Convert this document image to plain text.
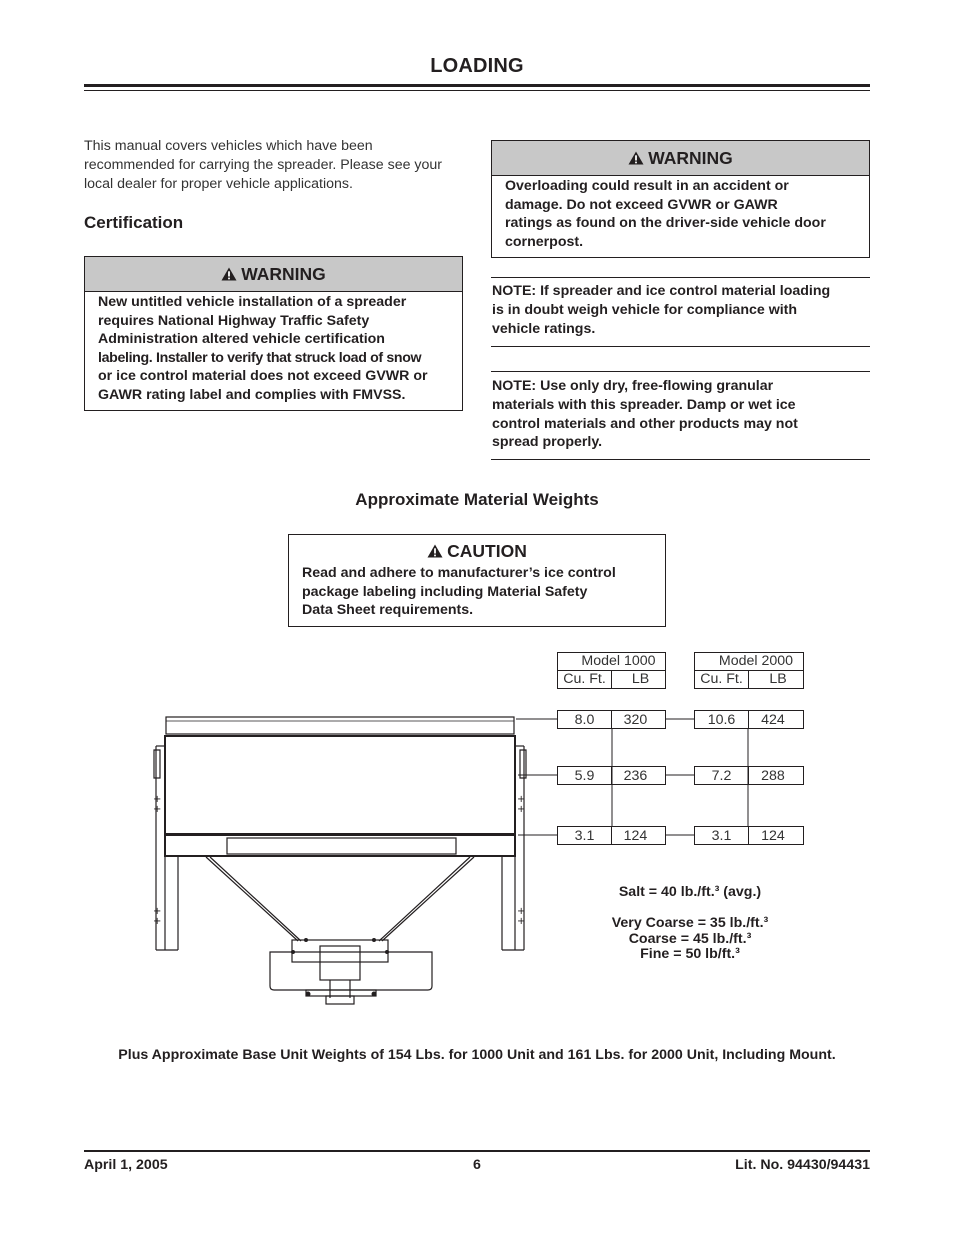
LOADING
This manual covers vehicles which have been recommended for carrying the spreader. Please see your local dealer for proper vehicle applications.
Certification
WARNING
New untitled vehicle installation of a spreader
requires National Highway Traffic Safety
Administration altered vehicle certification
labeling. Installer to verify that struck load of snow
or ice control material does not exceed GVWR or
GAWR rating label and complies with FMVSS.
WARNING
Overloading could result in an accident or
damage. Do not exceed GVWR or GAWR
ratings as found on the driver-side vehicle door
cornerpost.
NOTE: If spreader and ice control material loading
is in doubt weigh vehicle for compliance with
vehicle ratings.
NOTE: Use only dry, free-flowing granular
materials with this spreader. Damp or wet ice
control materials and other products may not
spread properly.
Approximate Material Weights
CAUTION
Read and adhere to manufacturer’s ice control
package labeling including Material Safety
Data Sheet requirements.
+
+
+
+
+
+
+
+
Model 1000
Cu. Ft.	LB
8.0	320
5.9	236
3.1	124
Model 2000
Cu. Ft.	LB
10.6	424
7.2	288
3.1	124
Salt = 40 lb./ft.³ (avg.)
Very Coarse = 35 lb./ft.³
Coarse = 45 lb./ft.³
Fine = 50 lb/ft.³
Plus Approximate Base Unit Weights of 154 Lbs. for 1000 Unit and 161 Lbs. for 2000 Unit, Including Mount.
April 1, 2005	6	Lit. No. 94430/94431
